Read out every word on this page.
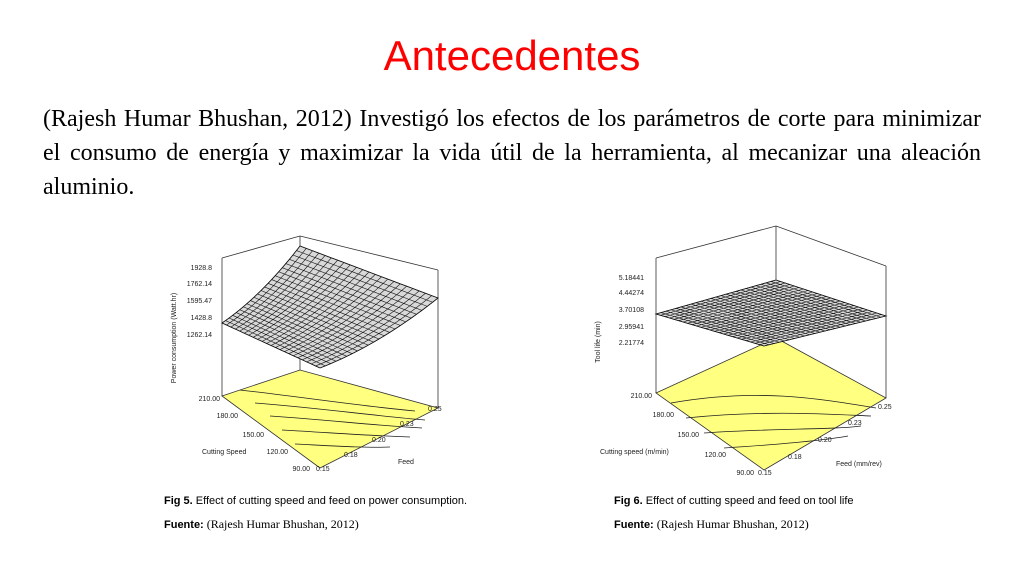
Antecedentes

(Rajesh Humar Bhushan, 2012) Investigó los efectos de los parámetros de corte para minimizar el consumo de energía y maximizar la vida útil de la herramienta, al mecanizar una aleación aluminio.

1928.8
1762.14
1595.47
1428.8
1262.14
Power consumption (Watt.hr)
210.00
180.00
150.00
120.00
90.00
Cutting Speed
0.15
0.18
0.20
0.23
0.25
Feed
5.18441
4.44274
3.70108
2.95941
2.21774
Tool life (min)
210.00
180.00
150.00
120.00
90.00
Cutting speed (m/min)
0.15
0.18
0.20
0.23
0.25
Feed (mm/rev)
Fig 5. Effect of cutting speed and feed on power consumption.
Fuente: (Rajesh Humar Bhushan, 2012)
Fig 6. Effect of cutting speed and feed on tool life
Fuente: (Rajesh Humar Bhushan, 2012)
